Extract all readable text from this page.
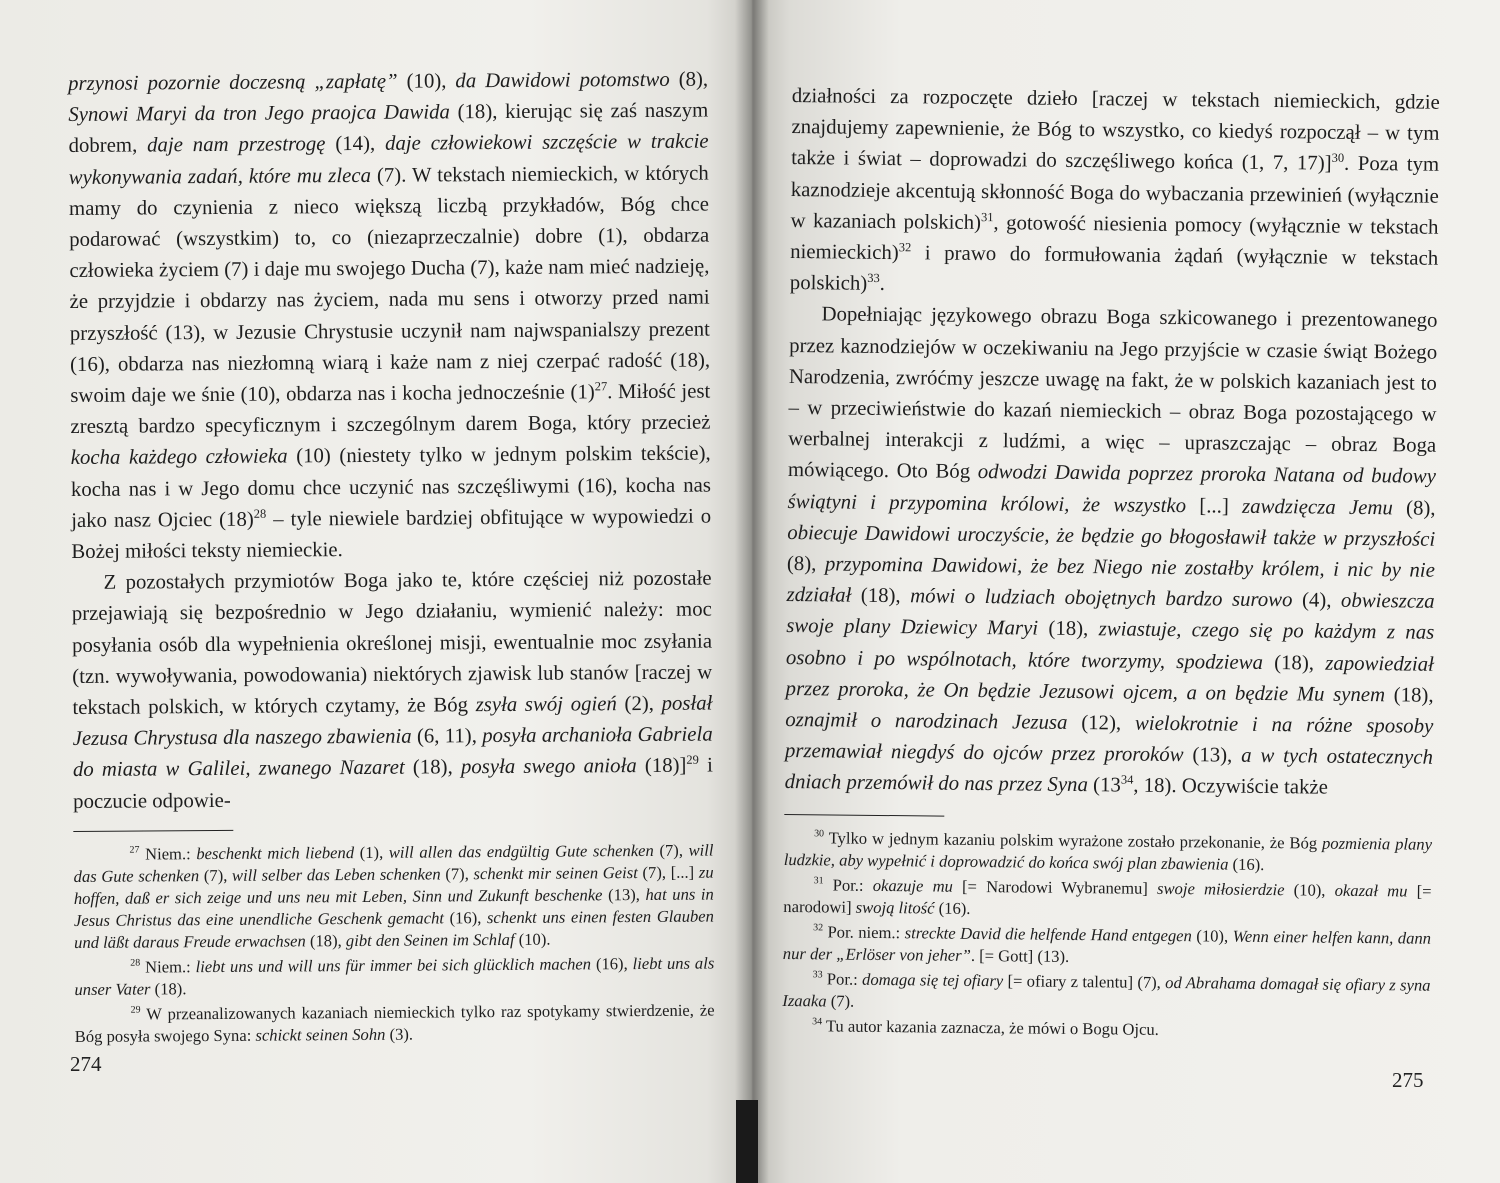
przynosi pozornie doczesną „zapłatę” (10), da Dawidowi potomstwo (8), Synowi Maryi da tron Jego praojca Dawida (18), kierując się zaś naszym dobrem, daje nam przestrogę (14), daje człowiekowi szczęście w trakcie wykonywania zadań, które mu zleca (7). W tekstach niemieckich, w których mamy do czynienia z nieco większą liczbą przykładów, Bóg chce podarować (wszystkim) to, co (niezaprzeczalnie) dobre (1), obdarza człowieka życiem (7) i daje mu swojego Ducha (7), każe nam mieć nadzieję, że przyjdzie i obdarzy nas życiem, nada mu sens i otworzy przed nami przyszłość (13), w Jezusie Chrystusie uczynił nam najwspanialszy prezent (16), obdarza nas niezłomną wiarą i każe nam z niej czerpać radość (18), swoim daje we śnie (10), obdarza nas i kocha jednocześnie $(1)^{27}$. Miłość jest zresztą bardzo specyficznym i szczególnym darem Boga, który przecież kocha każdego człowieka (10) (niestety tylko w jednym polskim tekście), kocha nas i w Jego domu chce uczynić nas szczęśliwymi (16), kocha nas jako nasz Ojciec $(18)^{28}$ – tyle niewiele bardziej obfitujące w wypowiedzi o Bożej miłości teksty niemieckie.

Z pozostałych przymiotów Boga jako te, które częściej niż pozostałe przejawiają się bezpośrednio w Jego działaniu, wymienić należy: moc posyłania osób dla wypełnienia określonej misji, ewentualnie moc zsyłania (tzn. wywoływania, powodowania) niektórych zjawisk lub stanów [raczej w tekstach polskich, w których czytamy, że Bóg zsyła swój ogień (2), posłał Jezusa Chrystusa dla naszego zbawienia (6, 11), posyła archanioła Gabriela do miasta w Galilei, zwanego Nazaret (18), posyła swego anioła (18)]$^{29}$ i poczucie odpowie-

$^{27}$ Niem.: beschenkt mich liebend (1), will allen das endgültig Gute schenken (7), will das Gute schenken (7), will selber das Leben schenken (7), schenkt mir seinen Geist (7), [...] zu hoffen, daß er sich zeige und uns neu mit Leben, Sinn und Zukunft beschenke (13), hat uns in Jesus Christus das eine unendliche Geschenk gemacht (16), schenkt uns einen festen Glauben und läßt daraus Freude erwachsen (18), gibt den Seinen im Schlaf (10).

$^{28}$ Niem.: liebt uns und will uns für immer bei sich glücklich machen (16), liebt uns als unser Vater (18).

$^{29}$ W przeanalizowanych kazaniach niemieckich tylko raz spotykamy stwierdzenie, że Bóg posyła swojego Syna: schickt seinen Sohn (3).

274

działności za rozpoczęte dzieło [raczej w tekstach niemieckich, gdzie znajdujemy zapewnienie, że Bóg to wszystko, co kiedyś rozpoczął – w tym także i świat – doprowadzi do szczęśliwego końca (1, 7, 17)]$^{30}$. Poza tym kaznodzieje akcentują skłonność Boga do wybaczania przewinień (wyłącznie w kazaniach polskich)$^{31}$, gotowość niesienia pomocy (wyłącznie w tekstach niemieckich)$^{32}$ i prawo do formułowania żądań (wyłącznie w tekstach polskich)$^{33}$.

Dopełniając językowego obrazu Boga szkicowanego i prezentowanego przez kaznodziejów w oczekiwaniu na Jego przyjście w czasie świąt Bożego Narodzenia, zwróćmy jeszcze uwagę na fakt, że w polskich kazaniach jest to – w przeciwieństwie do kazań niemieckich – obraz Boga pozostającego w werbalnej interakcji z ludźmi, a więc – upraszczając – obraz Boga mówiącego. Oto Bóg odwodzi Dawida poprzez proroka Natana od budowy świątyni i przypomina królowi, że wszystko [...] zawdzięcza Jemu (8), obiecuje Dawidowi uroczyście, że będzie go błogosławił także w przyszłości (8), przypomina Dawidowi, że bez Niego nie zostałby królem, i nic by nie zdziałał (18), mówi o ludziach obojętnych bardzo surowo (4), obwieszcza swoje plany Dziewicy Maryi (18), zwiastuje, czego się po każdym z nas osobno i po wspólnotach, które tworzymy, spodziewa (18), zapowiedział przez proroka, że On będzie Jezusowi ojcem, a on będzie Mu synem (18), oznajmił o narodzinach Jezusa (12), wielokrotnie i na różne sposoby przemawiał niegdyś do ojców przez proroków (13), a w tych ostatecznych dniach przemówił do nas przez Syna ($13^{34}$, 18). Oczywiście także

$^{30}$ Tylko w jednym kazaniu polskim wyrażone zostało przekonanie, że Bóg pozmienia plany ludzkie, aby wypełnić i doprowadzić do końca swój plan zbawienia (16).

$^{31}$ Por.: okazuje mu [= Narodowi Wybranemu] swoje miłosierdzie (10), okazał mu [= narodowi] swoją litość (16).

$^{32}$ Por. niem.: streckte David die helfende Hand entgegen (10), Wenn einer helfen kann, dann nur der „Erlöser von jeher”. [= Gott] (13).

$^{33}$ Por.: domaga się tej ofiary [= ofiary z talentu] (7), od Abrahama domagał się ofiary z syna Izaaka (7).

$^{34}$ Tu autor kazania zaznacza, że mówi o Bogu Ojcu.

275
